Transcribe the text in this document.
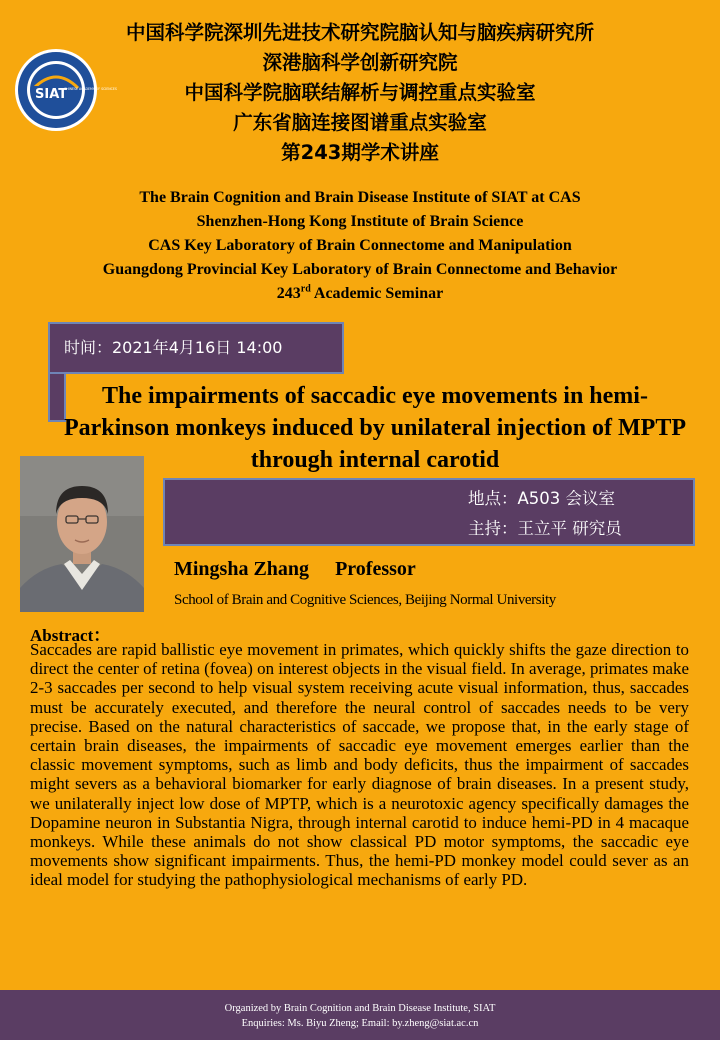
SIAT
CHINESE ACADEMY OF SCIENCES
中国科学院深圳先进技术研究院脑认知与脑疾病研究所
深港脑科学创新研究院
中国科学院脑联结解析与调控重点实验室
广东省脑连接图谱重点实验室
第243期学术讲座
The Brain Cognition and Brain Disease Institute of SIAT at CAS
Shenzhen-Hong Kong Institute of Brain Science
CAS Key Laboratory of Brain Connectome and Manipulation
Guangdong Provincial Key Laboratory of Brain Connectome and Behavior
243rd Academic Seminar
时间：2021年4月16日 14:00
The impairments of saccadic eye movements in hemi-Parkinson monkeys induced by unilateral injection of MPTP through internal carotid
地点：A503 会议室
主持：王立平 研究员
Mingsha Zhang Professor
School of Brain and Cognitive Sciences, Beijing Normal University
Abstract：
Saccades are rapid ballistic eye movement in primates, which quickly shifts the gaze direction to direct the center of retina (fovea) on interest objects in the visual field. In average, primates make 2-3 saccades per second to help visual system receiving acute visual information, thus, saccades must be accurately executed, and therefore the neural control of saccades needs to be very precise. Based on the natural characteristics of saccade, we propose that, in the early stage of certain brain diseases, the impairments of saccadic eye movement emerges earlier than the classic movement symptoms, such as limb and body deficits, thus the impairment of saccades might severs as a behavioral biomarker for early diagnose of brain diseases. In a present study, we unilaterally inject low dose of MPTP, which is a neurotoxic agency specifically damages the Dopamine neuron in Substantia Nigra, through internal carotid to induce hemi-PD in 4 macaque monkeys. While these animals do not show classical PD motor symptoms, the saccadic eye movements show significant impairments. Thus, the hemi-PD monkey model could sever as an ideal model for studying the pathophysiological mechanisms of early PD.
Organized by Brain Cognition and Brain Disease Institute, SIAT
Enquiries: Ms. Biyu Zheng; Email: by.zheng@siat.ac.cn
